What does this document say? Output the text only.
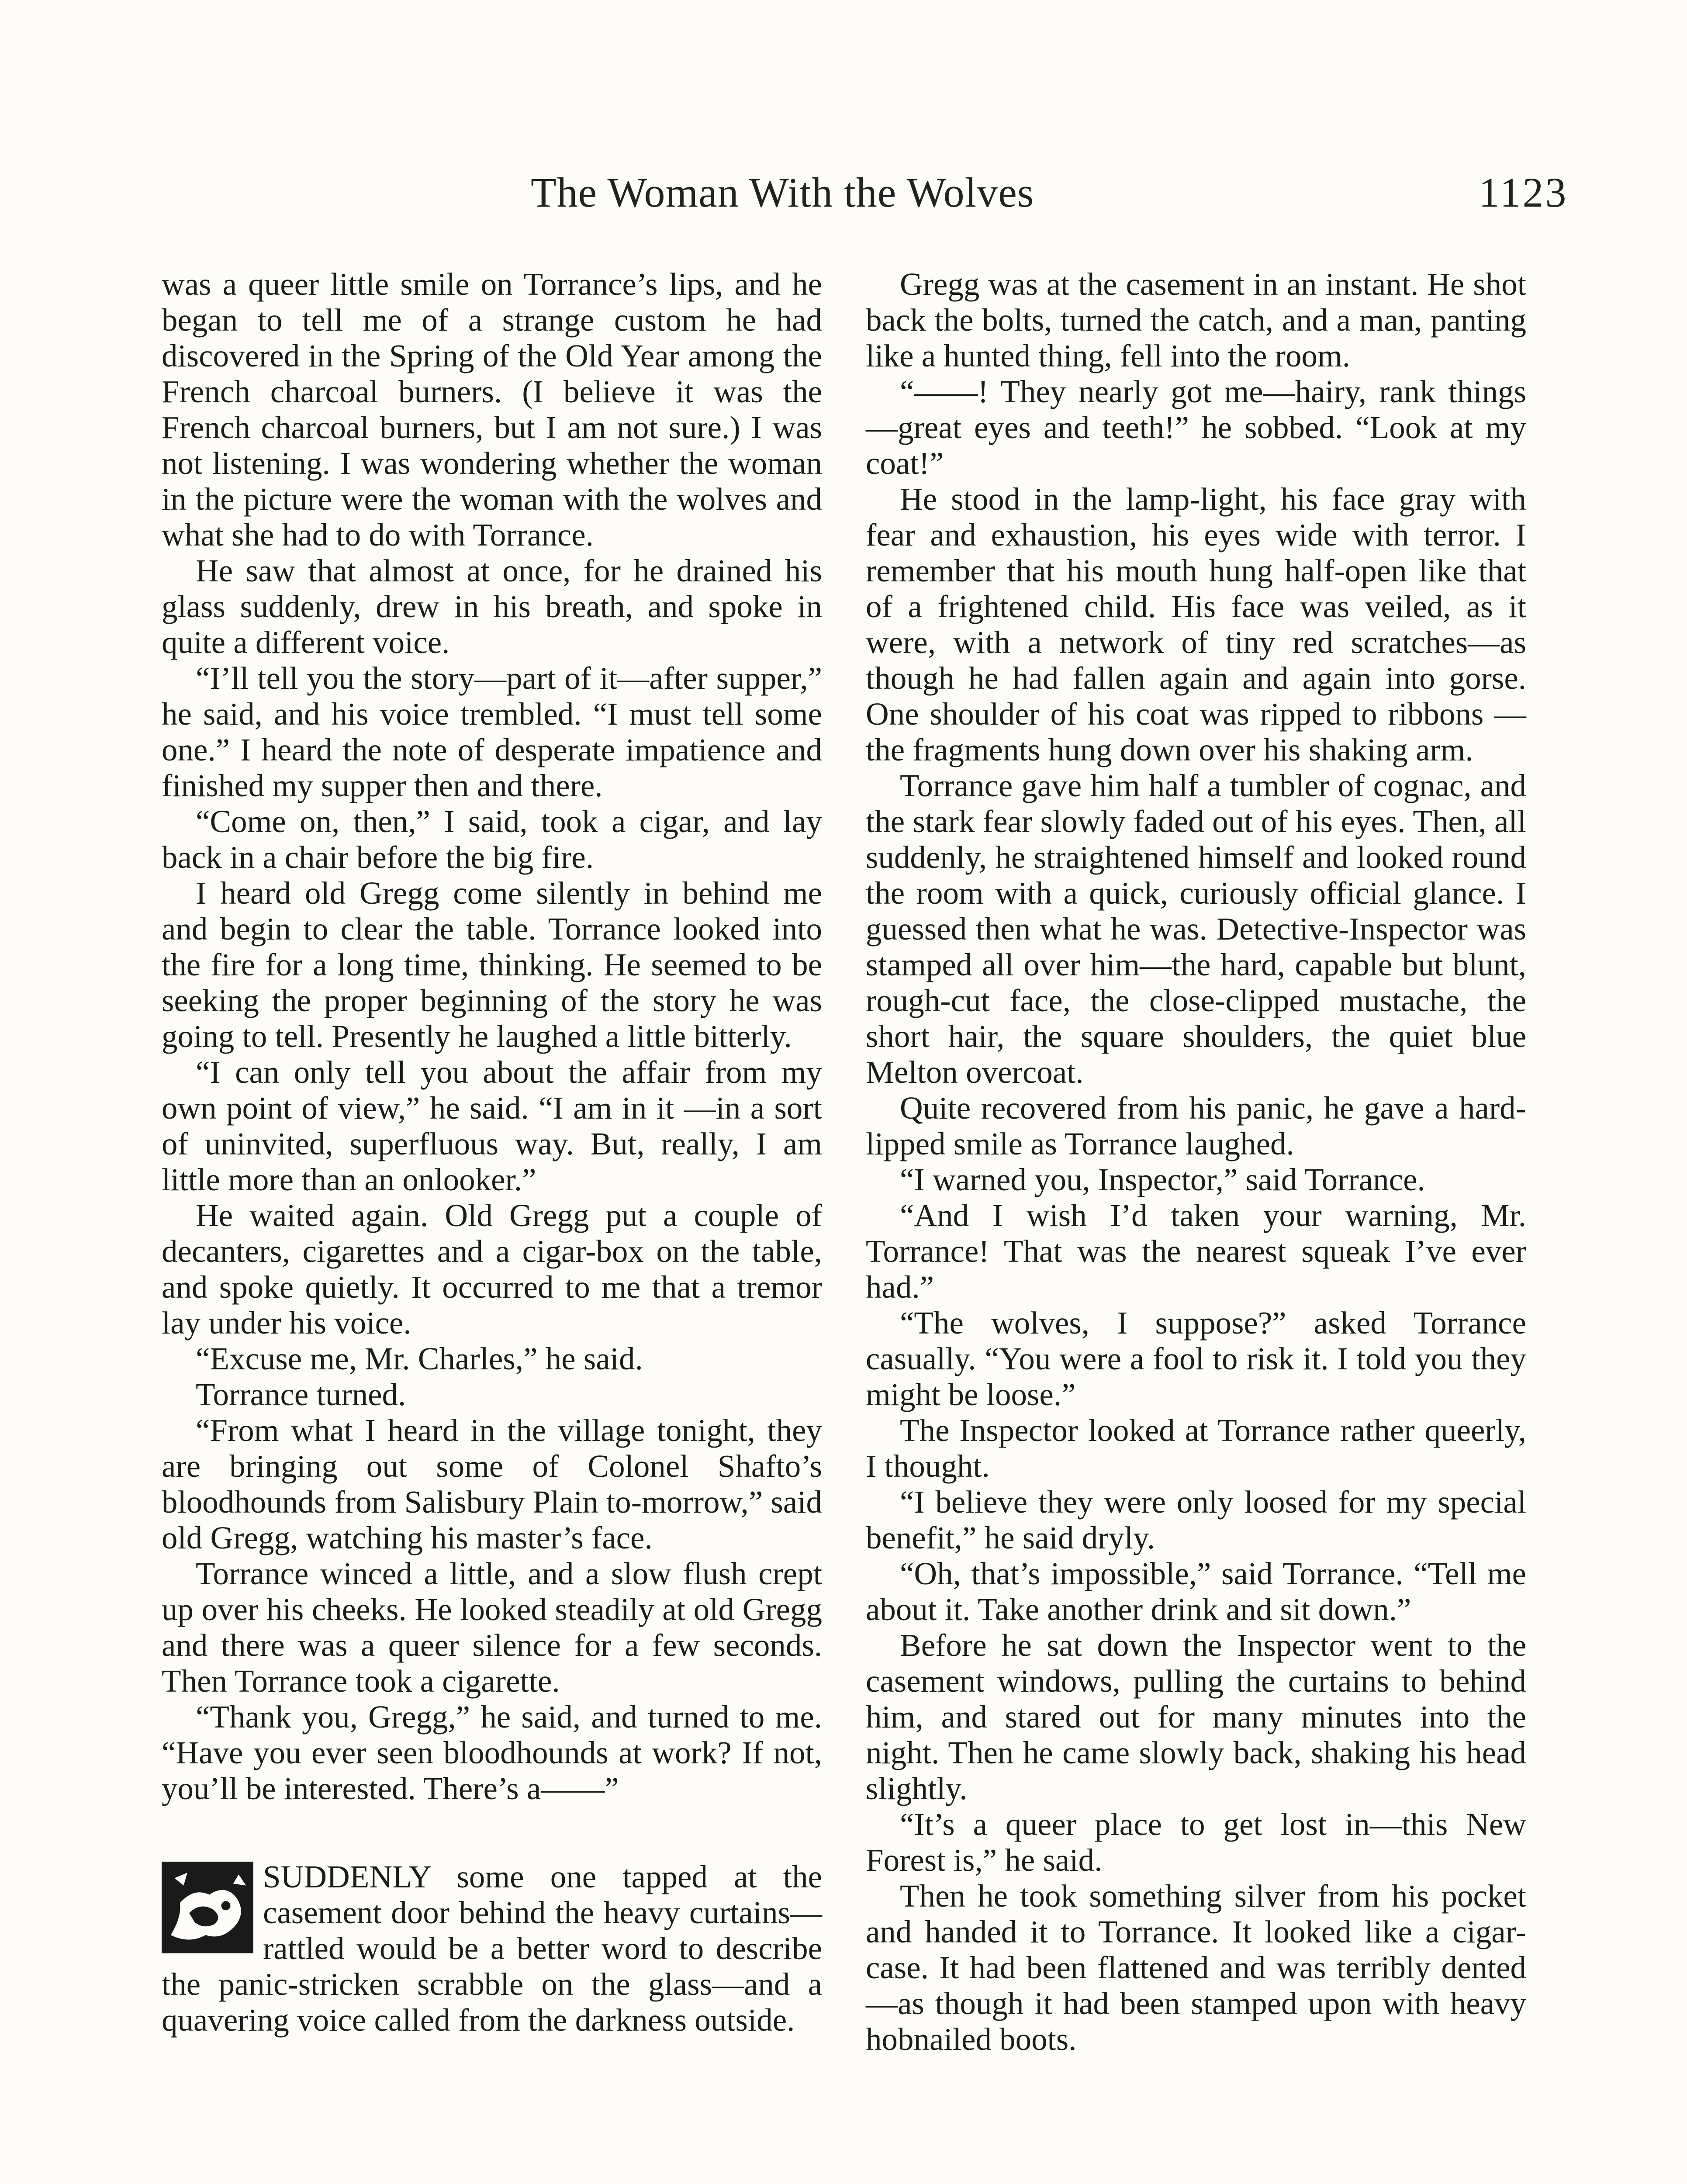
The Woman With the Wolves	1123

was a queer little smile on Torrance’s lips, and he began to tell me of a strange custom he had discovered in the Spring of the Old Year among the French charcoal burners. (I believe it was the French charcoal burners, but I am not sure.) I was not listening. I was wondering whether the woman in the picture were the woman with the wolves and what she had to do with Torrance.

He saw that almost at once, for he drained his glass suddenly, drew in his breath, and spoke in quite a different voice.

“I’ll tell you the story—part of it—after supper,” he said, and his voice trembled. “I must tell some one.” I heard the note of desperate impatience and finished my supper then and there.

“Come on, then,” I said, took a cigar, and lay back in a chair before the big fire.

I heard old Gregg come silently in behind me and begin to clear the table. Torrance looked into the fire for a long time, thinking. He seemed to be seeking the proper beginning of the story he was going to tell. Presently he laughed a little bitterly.

“I can only tell you about the affair from my own point of view,” he said. “I am in it —in a sort of uninvited, superfluous way. But, really, I am little more than an onlooker.”

He waited again. Old Gregg put a couple of decanters, cigarettes and a cigar-box on the table, and spoke quietly. It occurred to me that a tremor lay under his voice.

“Excuse me, Mr. Charles,” he said.

Torrance turned.

“From what I heard in the village tonight, they are bringing out some of Colonel Shafto’s bloodhounds from Salisbury Plain to-morrow,” said old Gregg, watching his master’s face.

Torrance winced a little, and a slow flush crept up over his cheeks. He looked steadily at old Gregg and there was a queer silence for a few seconds. Then Torrance took a cigarette.

“Thank you, Gregg,” he said, and turned to me. “Have you ever seen bloodhounds at work? If not, you’ll be interested. There’s a——”

SUDDENLY some one tapped at the casement door behind the heavy curtains—rattled would be a better word to describe the panic-stricken scrabble on the glass—and a quavering voice called from the darkness outside.

Gregg was at the casement in an instant. He shot back the bolts, turned the catch, and a man, panting like a hunted thing, fell into the room.

“——! They nearly got me—hairy, rank things—great eyes and teeth!” he sobbed. “Look at my coat!”

He stood in the lamp-light, his face gray with fear and exhaustion, his eyes wide with terror. I remember that his mouth hung half-open like that of a frightened child. His face was veiled, as it were, with a network of tiny red scratches—as though he had fallen again and again into gorse. One shoulder of his coat was ripped to ribbons —the fragments hung down over his shaking arm.

Torrance gave him half a tumbler of cognac, and the stark fear slowly faded out of his eyes. Then, all suddenly, he straightened himself and looked round the room with a quick, curiously official glance. I guessed then what he was. Detective-Inspector was stamped all over him—the hard, capable but blunt, rough-cut face, the close-clipped mustache, the short hair, the square shoulders, the quiet blue Melton overcoat.

Quite recovered from his panic, he gave a hard-lipped smile as Torrance laughed.

“I warned you, Inspector,” said Torrance.

“And I wish I’d taken your warning, Mr. Torrance! That was the nearest squeak I’ve ever had.”

“The wolves, I suppose?” asked Torrance casually. “You were a fool to risk it. I told you they might be loose.”

The Inspector looked at Torrance rather queerly, I thought.

“I believe they were only loosed for my special benefit,” he said dryly.

“Oh, that’s impossible,” said Torrance. “Tell me about it. Take another drink and sit down.”

Before he sat down the Inspector went to the casement windows, pulling the curtains to behind him, and stared out for many minutes into the night. Then he came slowly back, shaking his head slightly.

“It’s a queer place to get lost in—this New Forest is,” he said.

Then he took something silver from his pocket and handed it to Torrance. It looked like a cigar-case. It had been flattened and was terribly dented—as though it had been stamped upon with heavy hobnailed boots.
